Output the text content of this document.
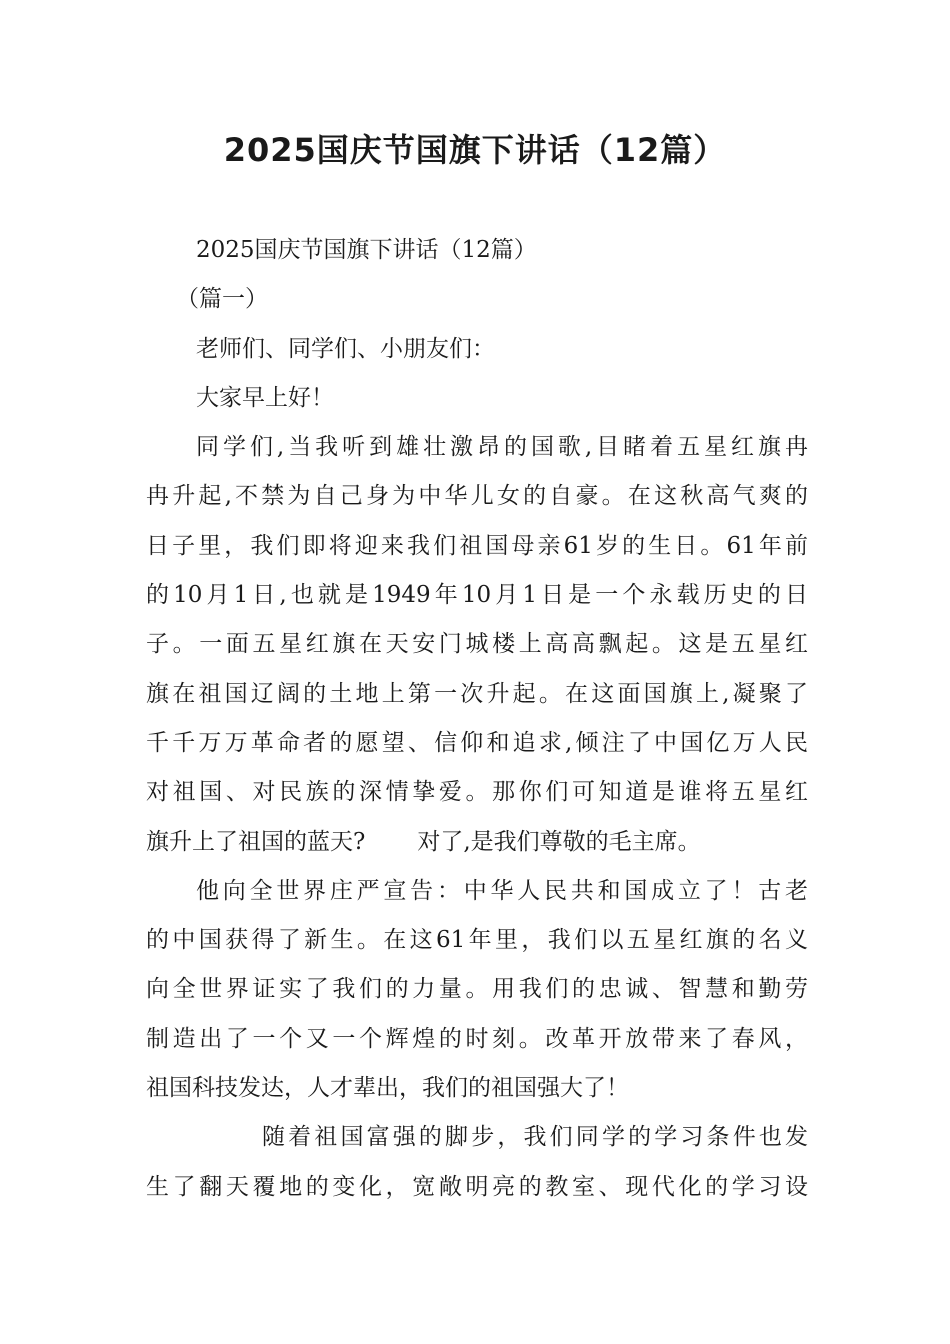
2025国庆节国旗下讲话（12篇）
2025国庆节国旗下讲话（12篇）
（篇一）
老师们、同学们、小朋友们：
大家早上好！
同学们,当我听到雄壮激昂的国歌,目睹着五星红旗冉
冉升起,不禁为自己身为中华儿女的自豪。在这秋高气爽的
日子里，我们即将迎来我们祖国母亲61岁的生日。61年前
的10月1日,也就是1949年10月1日是一个永载历史的日
子。一面五星红旗在天安门城楼上高高飘起。这是五星红
旗在祖国辽阔的土地上第一次升起。在这面国旗上,凝聚了
千千万万革命者的愿望、信仰和追求,倾注了中国亿万人民
对祖国、对民族的深情挚爱。那你们可知道是谁将五星红
旗升上了祖国的蓝天? 对了,是我们尊敬的毛主席。
他向全世界庄严宣告：中华人民共和国成立了！古老
的中国获得了新生。在这61年里，我们以五星红旗的名义
向全世界证实了我们的力量。用我们的忠诚、智慧和勤劳
制造出了一个又一个辉煌的时刻。改革开放带来了春风，
祖国科技发达，人才辈出，我们的祖国强大了！
随着祖国富强的脚步，我们同学的学习条件也发
生了翻天覆地的变化，宽敞明亮的教室、现代化的学习设
